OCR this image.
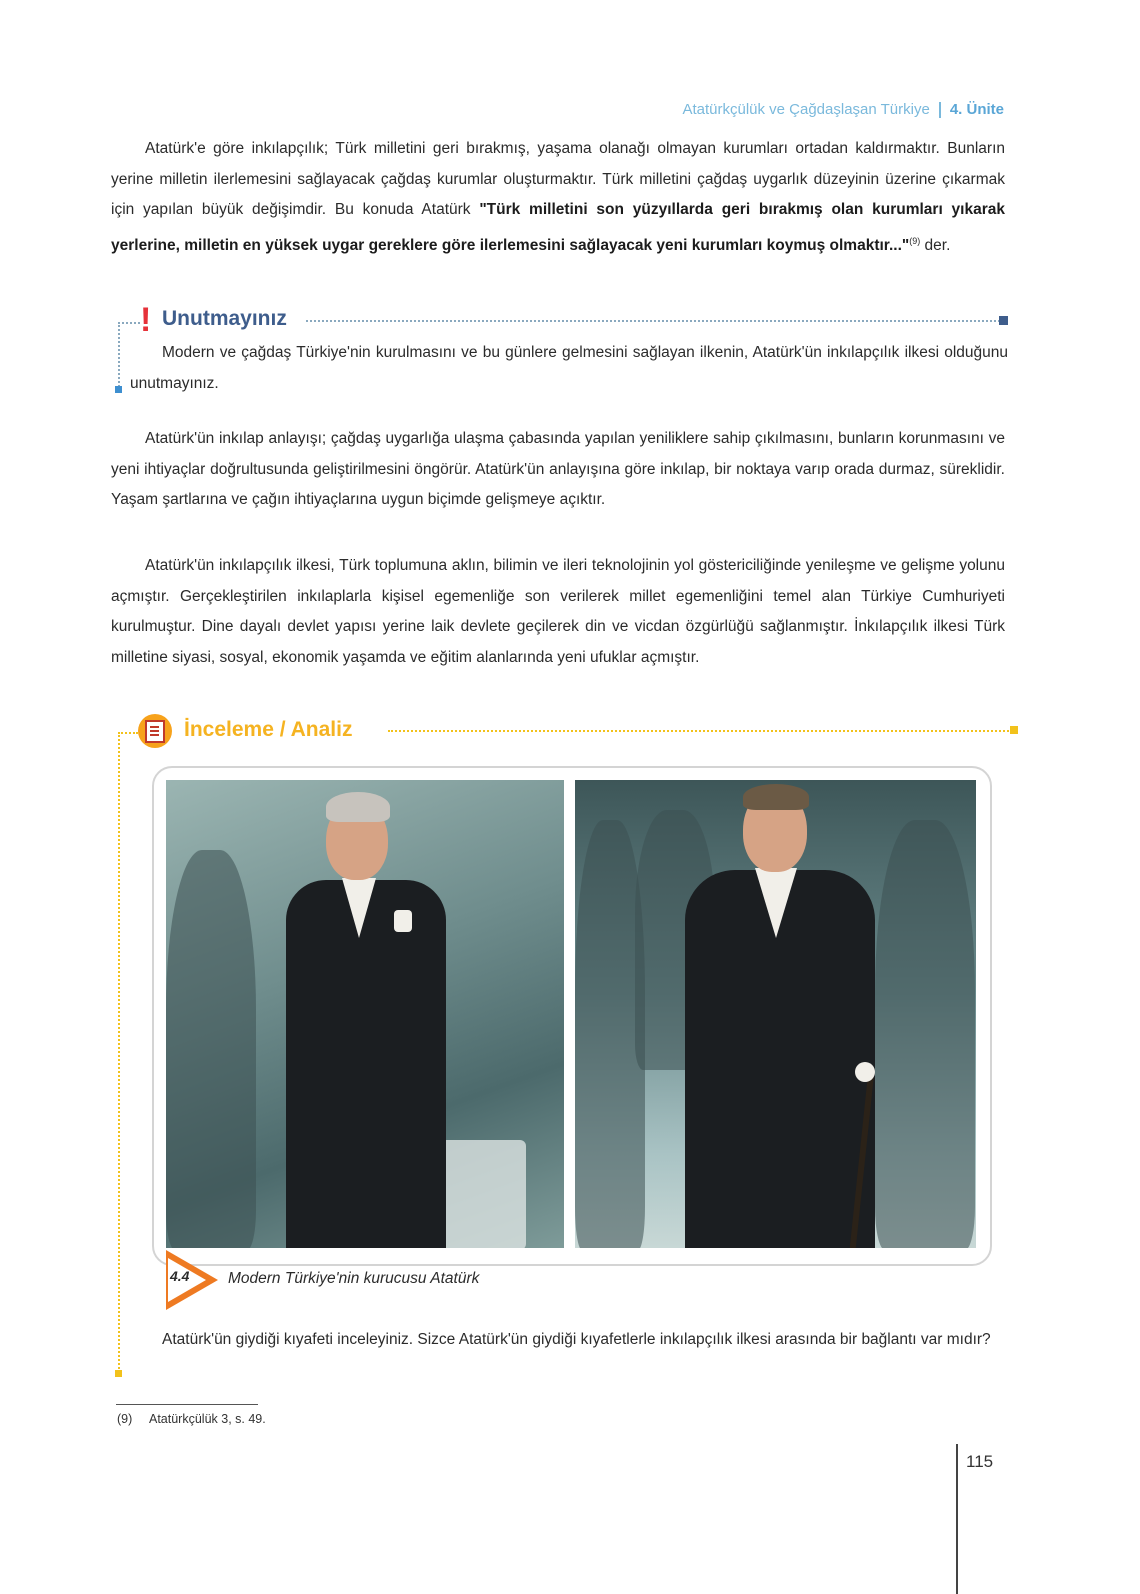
Atatürkçülük ve Çağdaşlaşan Türkiye 4. Ünite

Atatürk'e göre inkılapçılık; Türk milletini geri bırakmış, yaşama olanağı olmayan kurumları ortadan kaldırmaktır. Bunların yerine milletin ilerlemesini sağlayacak çağdaş kurumlar oluşturmaktır. Türk milletini çağdaş uygarlık düzeyinin üzerine çıkarmak için yapılan büyük değişimdir. Bu konuda Atatürk "Türk milletini son yüzyıllarda geri bırakmış olan kurumları yıkarak yerlerine, milletin en yüksek uygar gereklere göre ilerlemesini sağlayacak yeni kurumları koymuş olmaktır..."$^{(9)}$ der.

! Unutmayınız

Modern ve çağdaş Türkiye'nin kurulmasını ve bu günlere gelmesini sağlayan ilkenin, Atatürk'ün inkılapçılık ilkesi olduğunu unutmayınız.

Atatürk'ün inkılap anlayışı; çağdaş uygarlığa ulaşma çabasında yapılan yeniliklere sahip çıkılmasını, bunların korunmasını ve yeni ihtiyaçlar doğrultusunda geliştirilmesini öngörür. Atatürk'ün anlayışına göre inkılap, bir noktaya varıp orada durmaz, süreklidir. Yaşam şartlarına ve çağın ihtiyaçlarına uygun biçimde gelişmeye açıktır.

Atatürk'ün inkılapçılık ilkesi, Türk toplumuna aklın, bilimin ve ileri teknolojinin yol göstericiliğinde yenileşme ve gelişme yolunu açmıştır. Gerçekleştirilen inkılaplarla kişisel egemenliğe son verilerek millet egemenliğini temel alan Türkiye Cumhuriyeti kurulmuştur. Dine dayalı devlet yapısı yerine laik devlete geçilerek din ve vicdan özgürlüğü sağlanmıştır. İnkılapçılık ilkesi Türk milletine siyasi, sosyal, ekonomik yaşamda ve eğitim alanlarında yeni ufuklar açmıştır.

İnceleme / Analiz
4.4 Modern Türkiye'nin kurucusu Atatürk

Atatürk'ün giydiği kıyafeti inceleyiniz. Sizce Atatürk'ün giydiği kıyafetlerle inkılapçılık ilkesi arasında bir bağlantı var mıdır?

(9) Atatürkçülük 3, s. 49.
115
